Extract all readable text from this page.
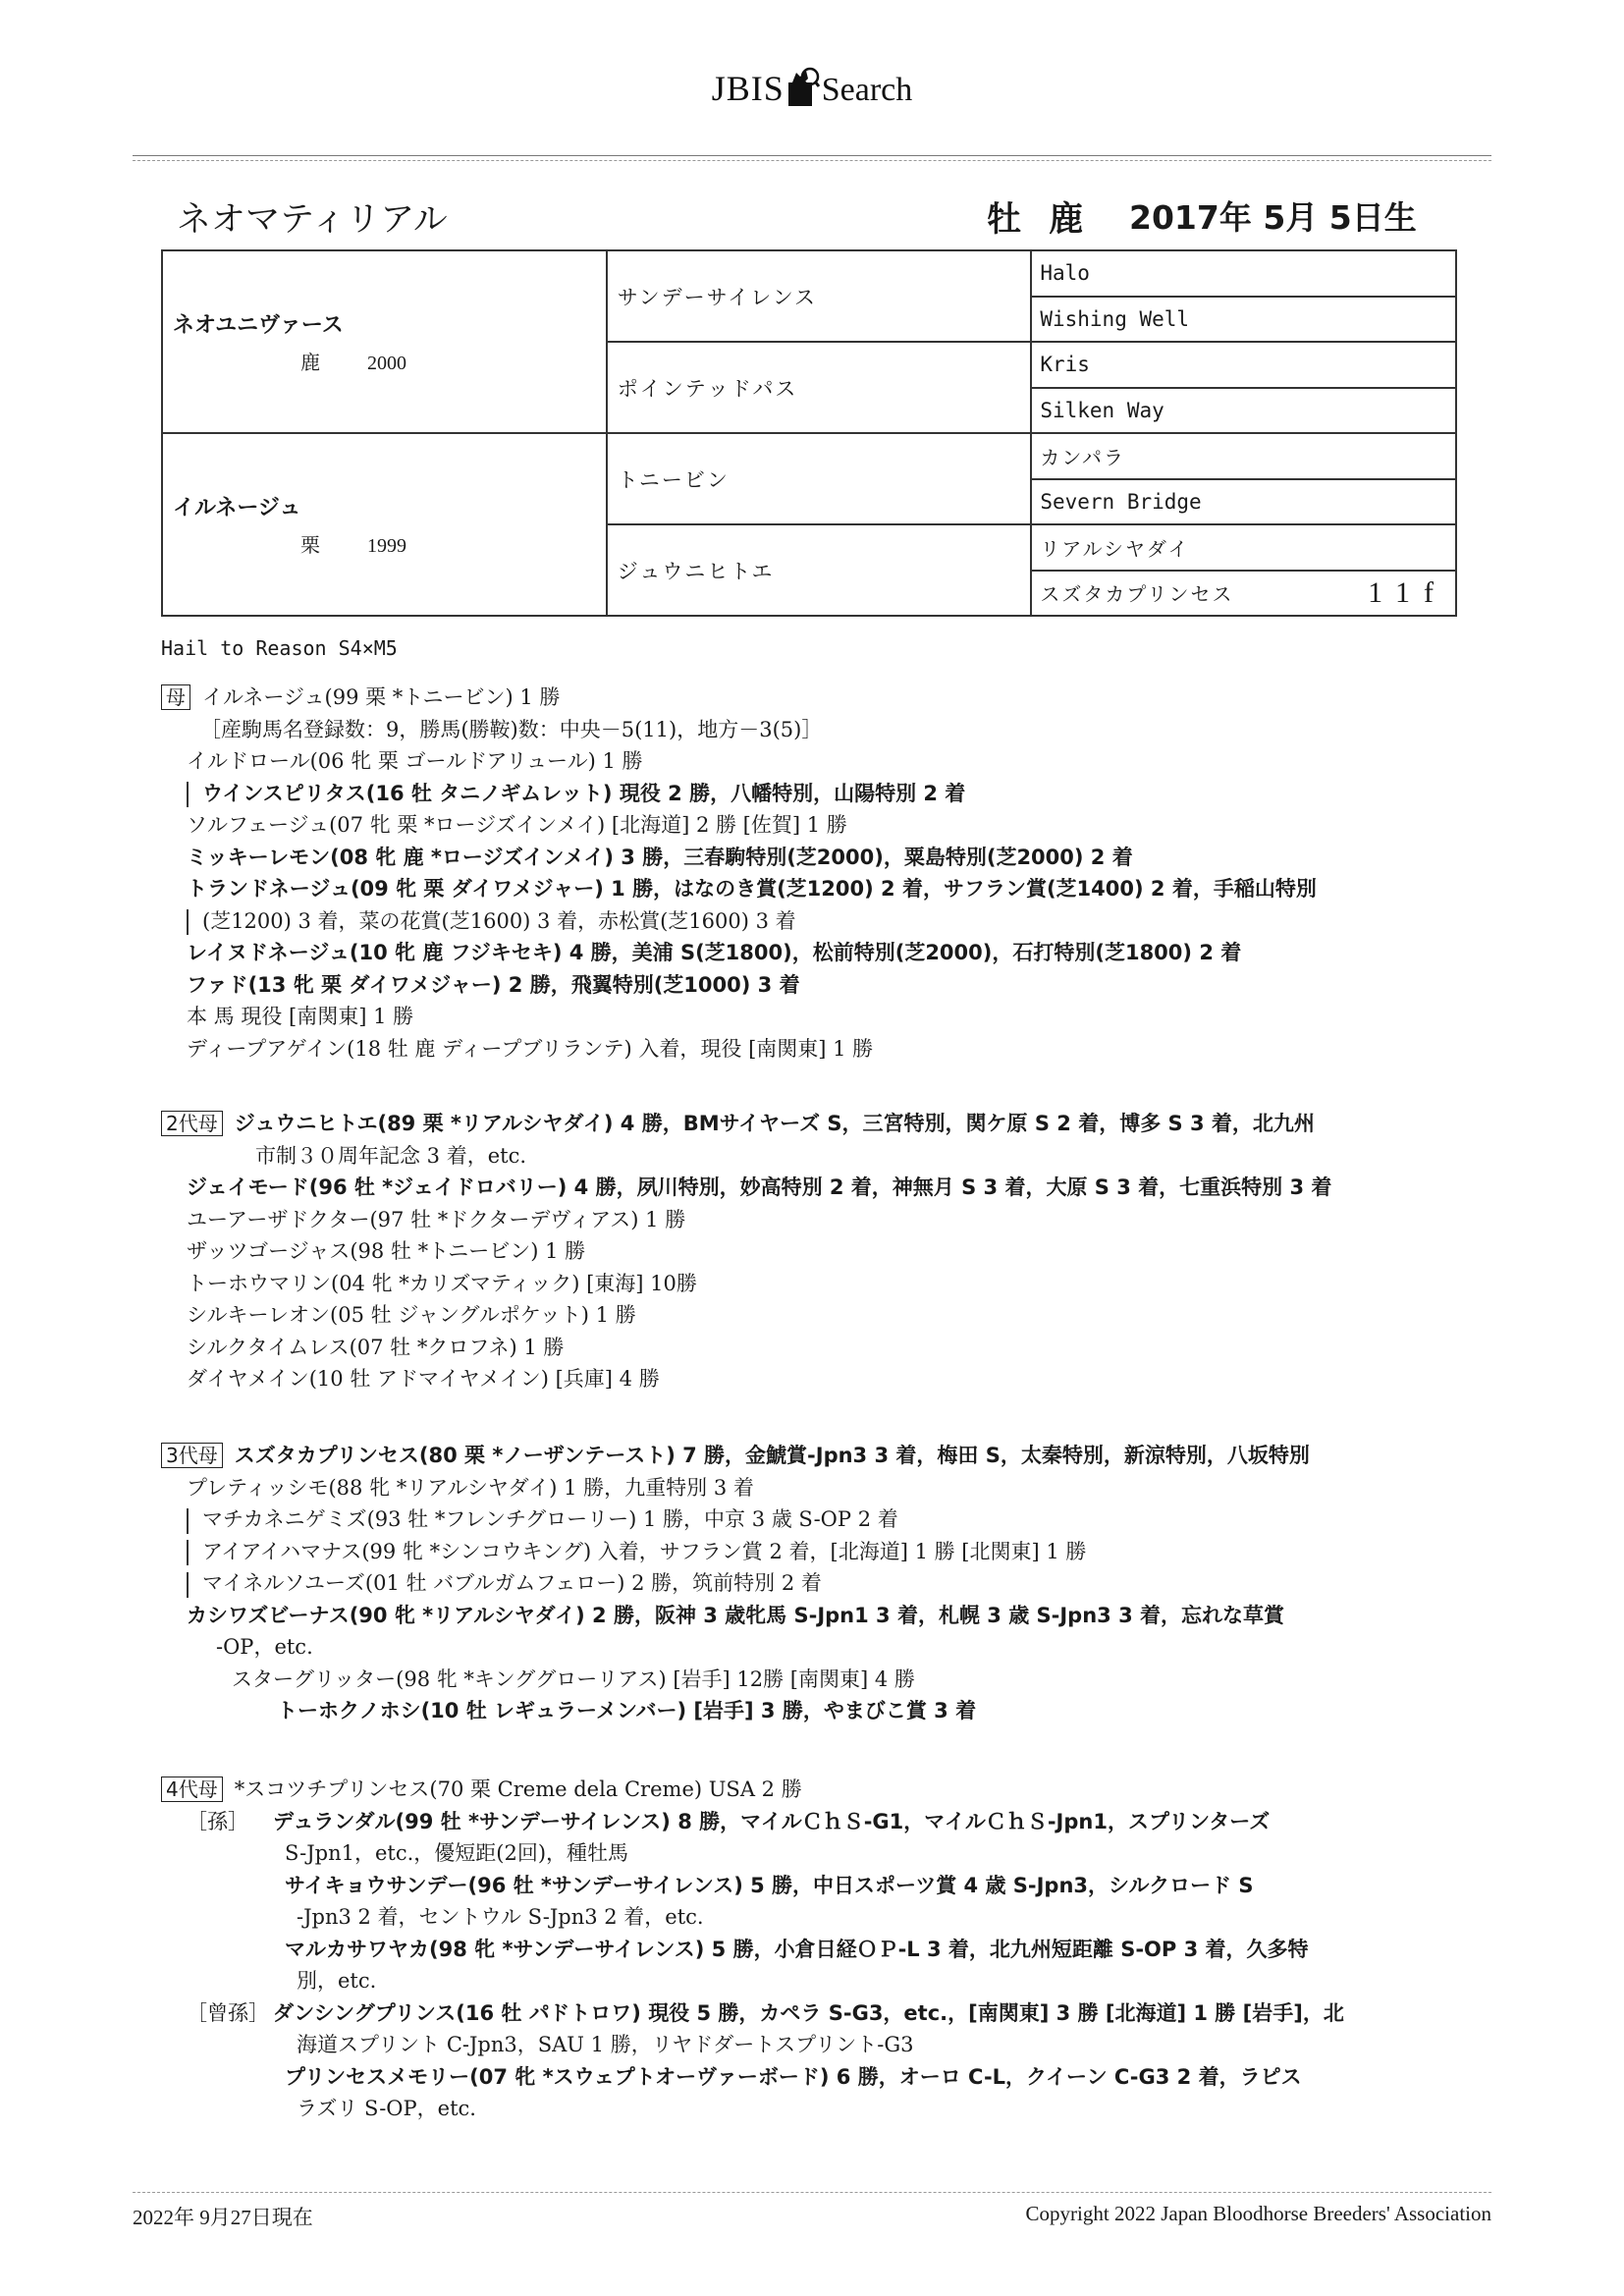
JBIS Search
ネオマティリアル	牡 鹿 2017年 5月 5日生
ネオユニヴァース
鹿 2000	サンデーサイレンス	Halo
		Wishing Well
	ポインテッドパス	Kris
		Silken Way

イルネージュ
栗 1999	トニービン	カンパラ
		Severn Bridge
	ジュウニヒトエ	リアルシヤダイ

		スズタカプリンセス 11f
Hail to Reason S4×M5
母 イルネージュ(99 栗 *トニービン) 1 勝
［産駒馬名登録数：9，勝馬(勝鞍)数：中央－5(11)，地方－3(5)］
イルドロール(06 牝 栗 ゴールドアリュール) 1 勝
ウインスピリタス(16 牡 タニノギムレット) 現役 2 勝，八幡特別，山陽特別 2 着
ソルフェージュ(07 牝 栗 *ロージズインメイ) [北海道] 2 勝 [佐賀] 1 勝
ミッキーレモン(08 牝 鹿 *ロージズインメイ) 3 勝，三春駒特別(芝2000)，粟島特別(芝2000) 2 着
トランドネージュ(09 牝 栗 ダイワメジャー) 1 勝，はなのき賞(芝1200) 2 着，サフラン賞(芝1400) 2 着，手稲山特別
(芝1200) 3 着，菜の花賞(芝1600) 3 着，赤松賞(芝1600) 3 着
レイヌドネージュ(10 牝 鹿 フジキセキ) 4 勝，美浦 S(芝1800)，松前特別(芝2000)，石打特別(芝1800) 2 着
ファド(13 牝 栗 ダイワメジャー) 2 勝，飛翼特別(芝1000) 3 着
本 馬 現役 [南関東] 1 勝
ディープアゲイン(18 牡 鹿 ディープブリランテ) 入着，現役 [南関東] 1 勝
2代母 ジュウニヒトエ(89 栗 *リアルシヤダイ) 4 勝，BMサイヤーズ S，三宮特別，関ケ原 S 2 着，博多 S 3 着，北九州
市制３０周年記念 3 着，etc.
ジェイモード(96 牡 *ジェイドロバリー) 4 勝，夙川特別，妙高特別 2 着，神無月 S 3 着，大原 S 3 着，七重浜特別 3 着
ユーアーザドクター(97 牡 *ドクターデヴィアス) 1 勝
ザッツゴージャス(98 牡 *トニービン) 1 勝
トーホウマリン(04 牝 *カリズマティック) [東海] 10勝
シルキーレオン(05 牡 ジャングルポケット) 1 勝
シルクタイムレス(07 牡 *クロフネ) 1 勝
ダイヤメイン(10 牡 アドマイヤメイン) [兵庫] 4 勝
3代母 スズタカプリンセス(80 栗 *ノーザンテースト) 7 勝，金鯱賞-Jpn3 3 着，梅田 S，太秦特別，新涼特別，八坂特別
プレティッシモ(88 牝 *リアルシヤダイ) 1 勝，九重特別 3 着
マチカネニゲミズ(93 牡 *フレンチグローリー) 1 勝，中京 3 歳 S-OP 2 着
アイアイハマナス(99 牝 *シンコウキング) 入着，サフラン賞 2 着，[北海道] 1 勝 [北関東] 1 勝
マイネルソユーズ(01 牡 バブルガムフェロー) 2 勝，筑前特別 2 着
カシワズビーナス(90 牝 *リアルシヤダイ) 2 勝，阪神 3 歳牝馬 S-Jpn1 3 着，札幌 3 歳 S-Jpn3 3 着，忘れな草賞
-OP，etc.
スターグリッター(98 牝 *キンググローリアス) [岩手] 12勝 [南関東] 4 勝
トーホクノホシ(10 牡 レギュラーメンバー) [岩手] 3 勝，やまびこ賞 3 着
4代母 *スコツチプリンセス(70 栗 Creme dela Creme) USA 2 勝
［孫］ デュランダル(99 牡 *サンデーサイレンス) 8 勝，マイルＣｈＳ-G1，マイルＣｈＳ-Jpn1，スプリンターズ
S-Jpn1，etc.，優短距(2回)，種牡馬
サイキョウサンデー(96 牡 *サンデーサイレンス) 5 勝，中日スポーツ賞 4 歳 S-Jpn3，シルクロード S
-Jpn3 2 着，セントウル S-Jpn3 2 着，etc.
マルカサワヤカ(98 牝 *サンデーサイレンス) 5 勝，小倉日経ＯＰ-L 3 着，北九州短距離 S-OP 3 着，久多特
別，etc.
［曾孫］ ダンシングプリンス(16 牡 パドトロワ) 現役 5 勝，カペラ S-G3，etc.，[南関東] 3 勝 [北海道] 1 勝 [岩手]，北
海道スプリント C-Jpn3，SAU 1 勝，リヤドダートスプリント-G3
プリンセスメモリー(07 牝 *スウェプトオーヴァーボード) 6 勝，オーロ C-L，クイーン C-G3 2 着，ラピス
ラズリ S-OP，etc.
2022年 9月27日現在	Copyright 2022 Japan Bloodhorse Breeders' Association
